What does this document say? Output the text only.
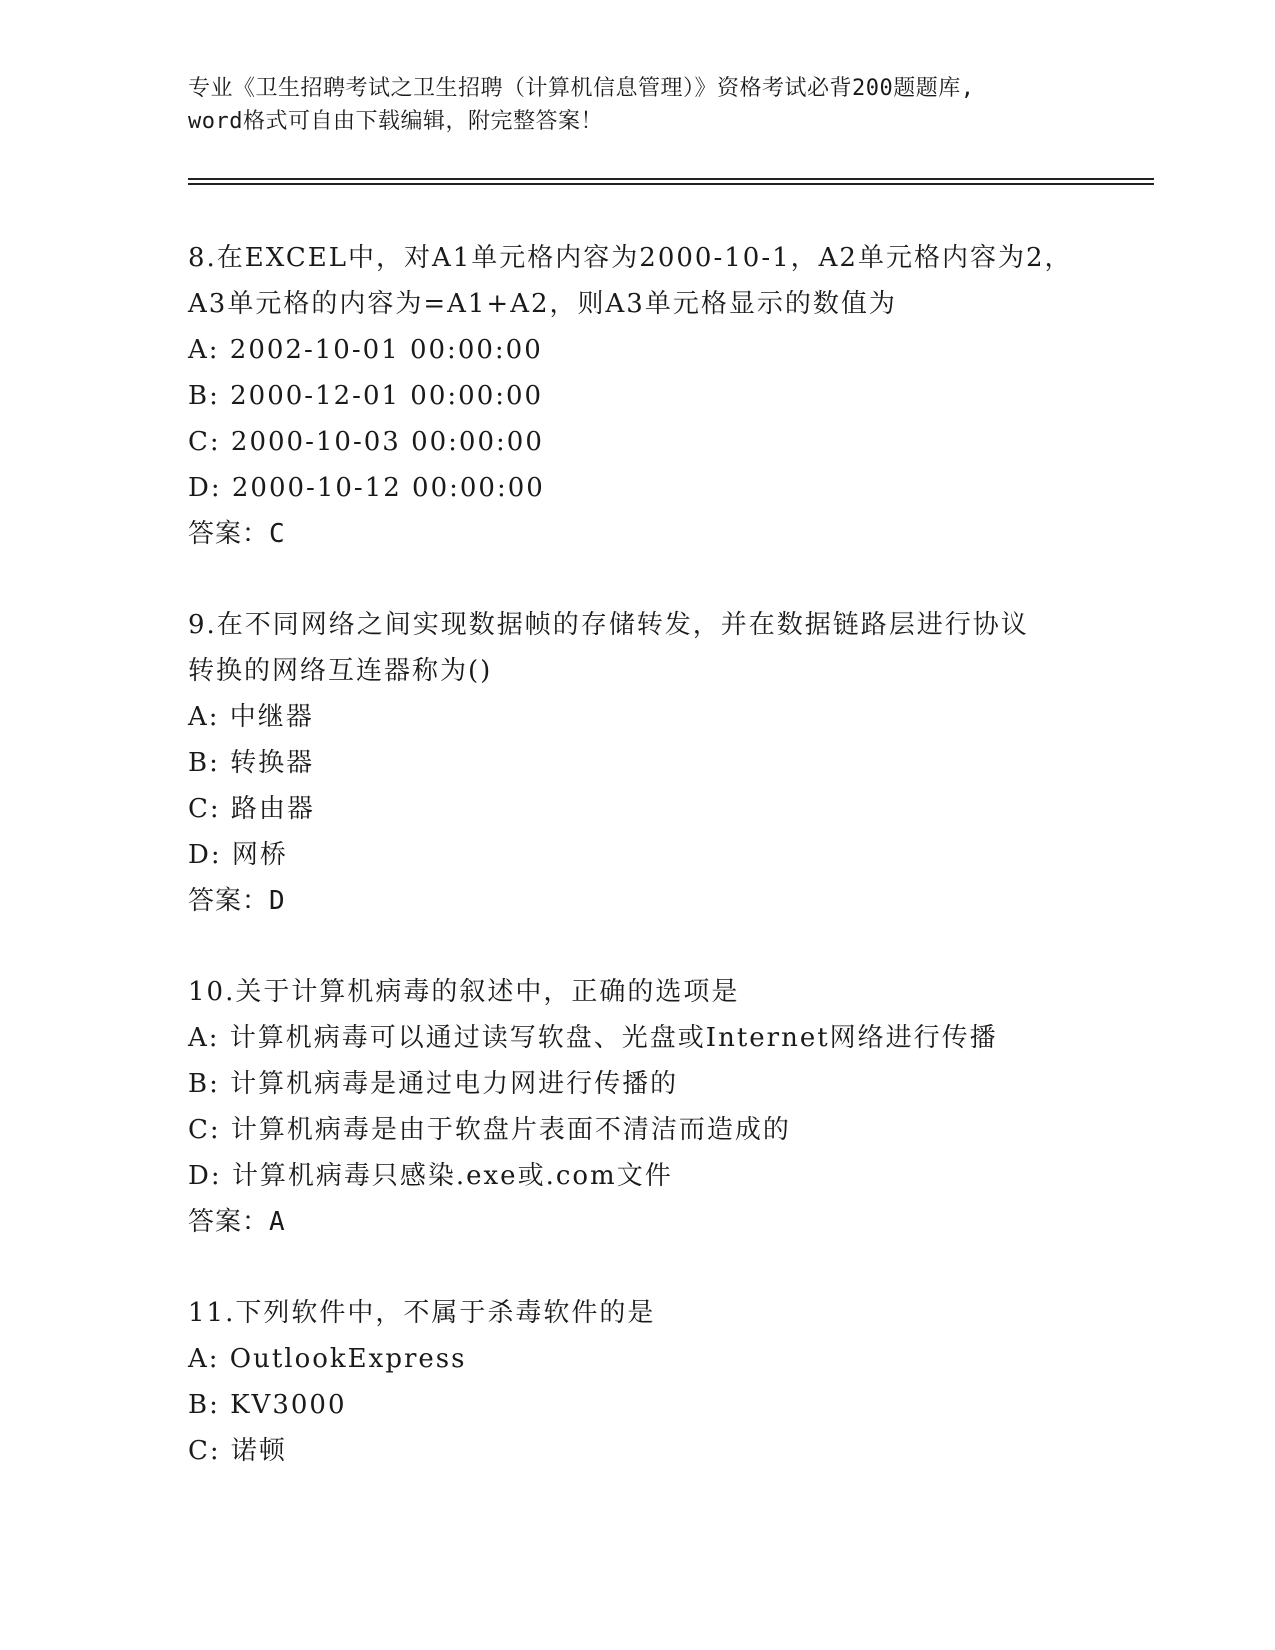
专业《卫生招聘考试之卫生招聘（计算机信息管理）》资格考试必背200题题库,
word格式可自由下载编辑，附完整答案！
8.在EXCEL中，对A1单元格内容为2000-10-1，A2单元格内容为2，
A3单元格的内容为=A1+A2，则A3单元格显示的数值为
A: 2002-10-01 00:00:00
B: 2000-12-01 00:00:00
C: 2000-10-03 00:00:00
D: 2000-10-12 00:00:00
答案：C
9.在不同网络之间实现数据帧的存储转发，并在数据链路层进行协议
转换的网络互连器称为()
A: 中继器
B: 转换器
C: 路由器
D: 网桥
答案：D
10.关于计算机病毒的叙述中，正确的选项是
A: 计算机病毒可以通过读写软盘、光盘或Internet网络进行传播
B: 计算机病毒是通过电力网进行传播的
C: 计算机病毒是由于软盘片表面不清洁而造成的
D: 计算机病毒只感染.exe或.com文件
答案：A
11.下列软件中，不属于杀毒软件的是
A: OutlookExpress
B: KV3000
C: 诺顿
